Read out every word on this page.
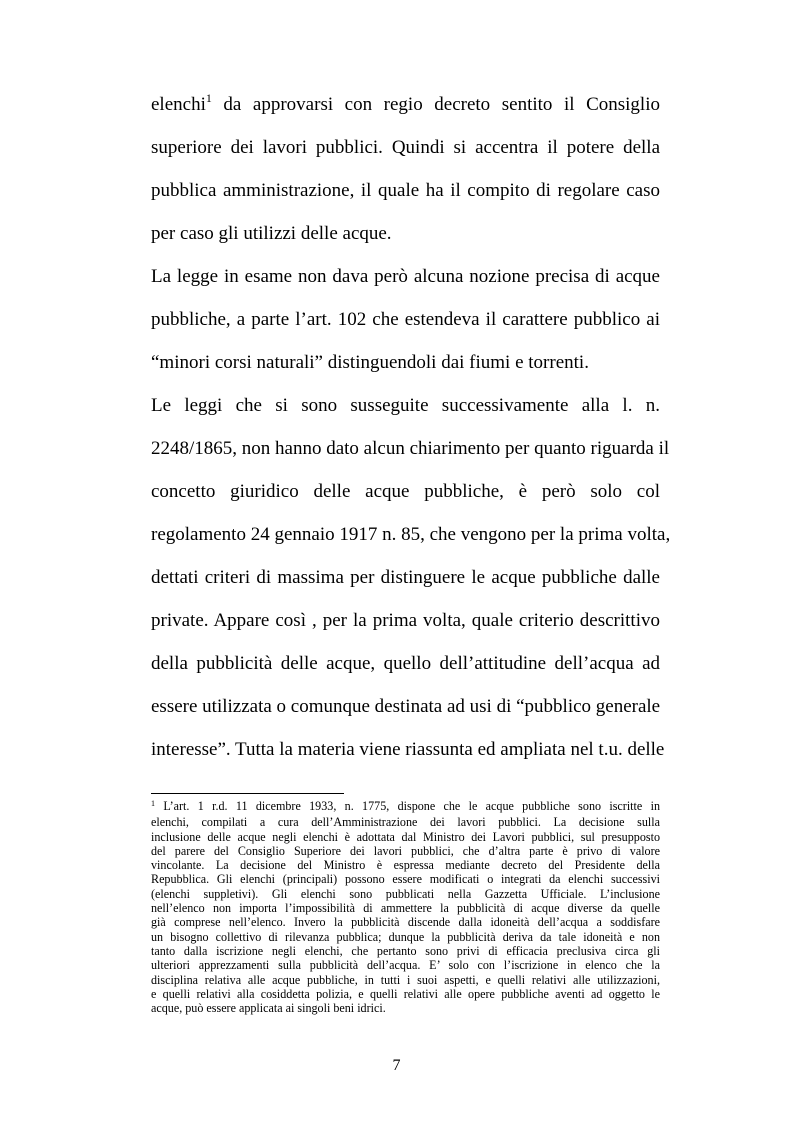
elenchi$^1$ da approvarsi con regio decreto sentito il Consiglio
superiore dei lavori pubblici. Quindi si accentra il potere della
pubblica amministrazione, il quale ha il compito di regolare caso
per caso gli utilizzi delle acque.
La legge in esame non dava però alcuna nozione precisa di acque
pubbliche, a parte l’art. 102 che estendeva il carattere pubblico ai
“minori corsi naturali” distinguendoli dai fiumi e torrenti.
Le leggi che si sono susseguite successivamente alla l. n.
2248/1865, non hanno dato alcun chiarimento per quanto riguarda il
concetto giuridico delle acque pubbliche, è però solo col
regolamento 24 gennaio 1917 n. 85, che vengono per la prima volta,
dettati criteri di massima per distinguere le acque pubbliche dalle
private. Appare così , per la prima volta, quale criterio descrittivo
della pubblicità delle acque, quello dell’attitudine dell’acqua ad
essere utilizzata o comunque destinata ad usi di “pubblico generale
interesse”. Tutta la materia viene riassunta ed ampliata nel t.u. delle
$^1$ L’art. 1 r.d. 11 dicembre 1933, n. 1775, dispone che le acque pubbliche sono iscritte in
elenchi, compilati a cura dell’Amministrazione dei lavori pubblici. La decisione sulla
inclusione delle acque negli elenchi è adottata dal Ministro dei Lavori pubblici, sul presupposto
del parere del Consiglio Superiore dei lavori pubblici, che d’altra parte è privo di valore
vincolante. La decisione del Ministro è espressa mediante decreto del Presidente della
Repubblica. Gli elenchi (principali) possono essere modificati o integrati da elenchi successivi
(elenchi suppletivi). Gli elenchi sono pubblicati nella Gazzetta Ufficiale. L’inclusione
nell’elenco non importa l’impossibilità di ammettere la pubblicità di acque diverse da quelle
già comprese nell’elenco. Invero la pubblicità discende dalla idoneità dell’acqua a soddisfare
un bisogno collettivo di rilevanza pubblica; dunque la pubblicità deriva da tale idoneità e non
tanto dalla iscrizione negli elenchi, che pertanto sono privi di efficacia preclusiva circa gli
ulteriori apprezzamenti sulla pubblicità dell’acqua. E’ solo con l’iscrizione in elenco che la
disciplina relativa alle acque pubbliche, in tutti i suoi aspetti, e quelli relativi alle utilizzazioni,
e quelli relativi alla cosiddetta polizia, e quelli relativi alle opere pubbliche aventi ad oggetto le
acque, può essere applicata ai singoli beni idrici.
7
